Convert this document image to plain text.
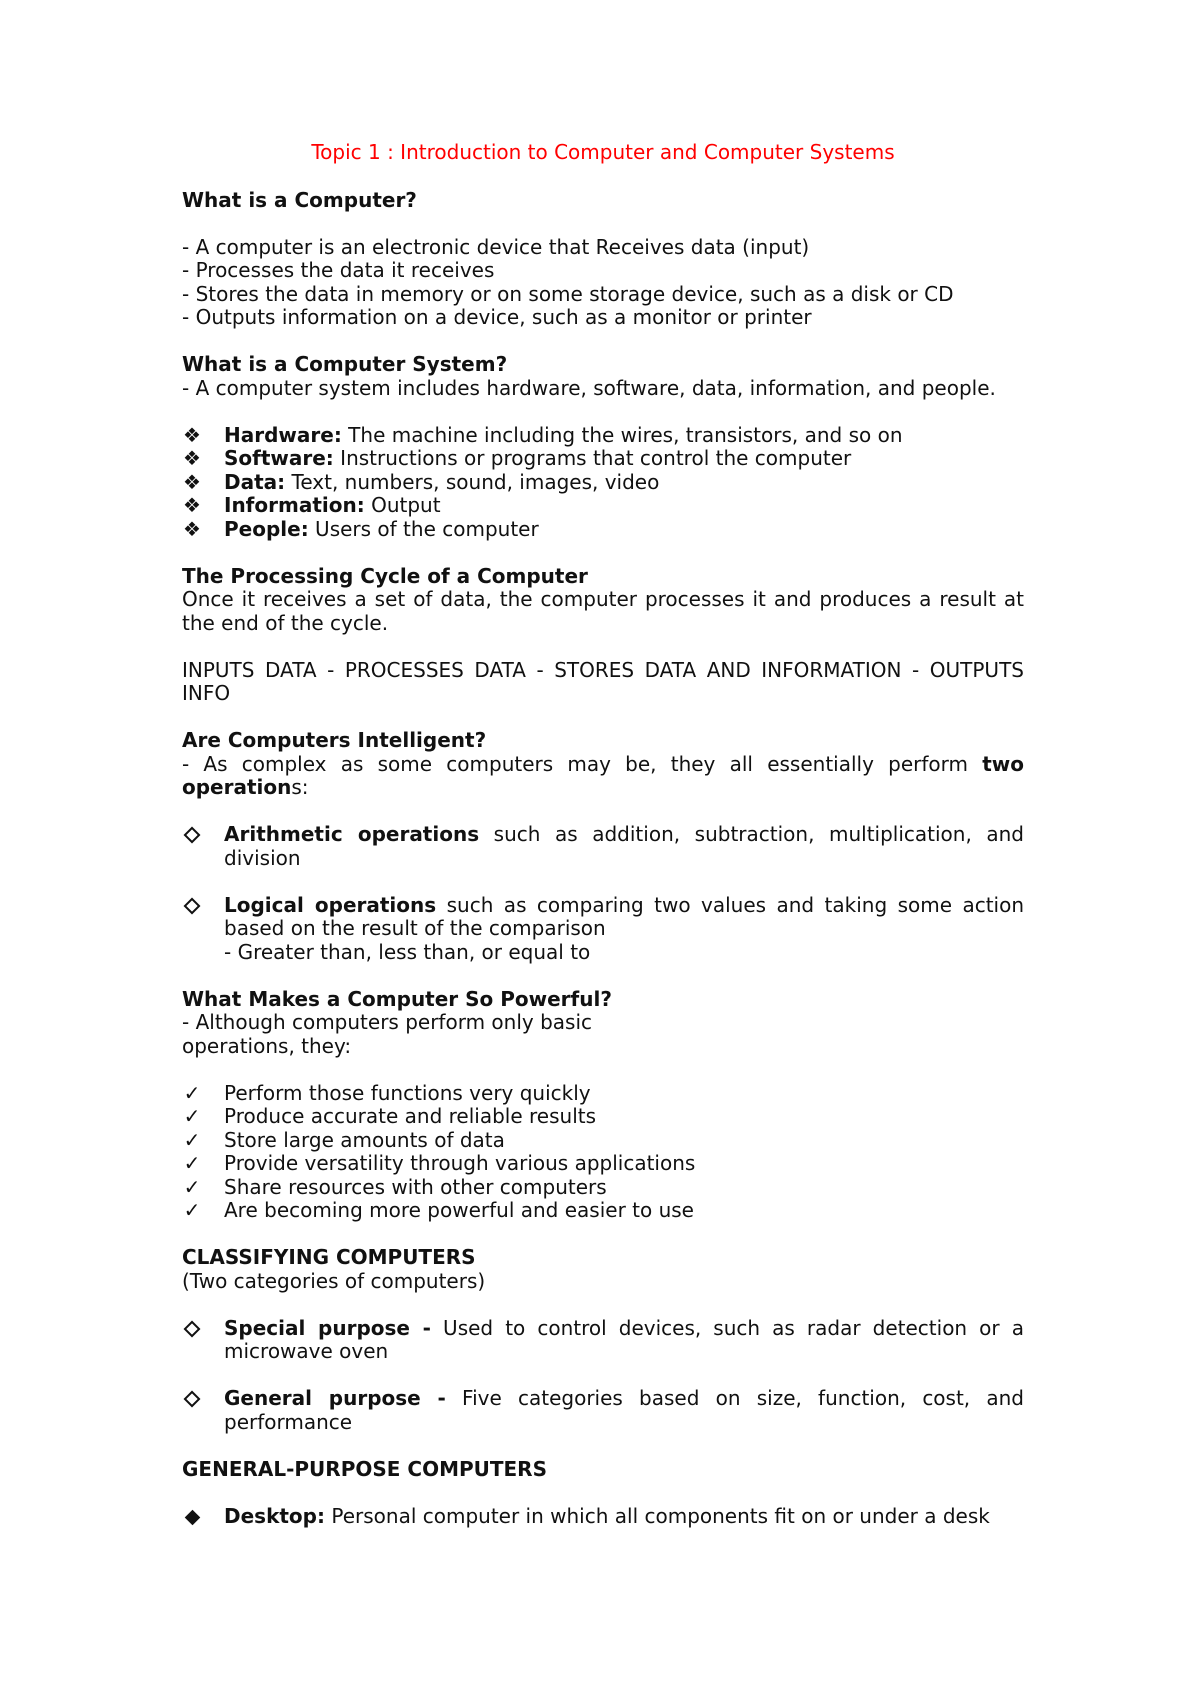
Topic 1 : Introduction to Computer and Computer Systems

What is a Computer?

- A computer is an electronic device that Receives data (input)

- Processes the data it receives

- Stores the data in memory or on some storage device, such as a disk or CD

- Outputs information on a device, such as a monitor or printer

What is a Computer System?

- A computer system includes hardware, software, data, information, and people.

❖ Hardware: The machine including the wires, transistors, and so on
❖ Software: Instructions or programs that control the computer
❖ Data: Text, numbers, sound, images, video
❖ Information: Output
❖ People: Users of the computer

The Processing Cycle of a Computer

Once it receives a set of data, the computer processes it and produces a result at the end of the cycle.

INPUTS DATA - PROCESSES DATA - STORES DATA AND INFORMATION - OUTPUTS INFO

Are Computers Intelligent?

- As complex as some computers may be, they all essentially perform two operations:

Arithmetic operations such as addition, subtraction, multiplication, and division
Logical operations such as comparing two values and taking some action based on the result of the comparison
- Greater than, less than, or equal to

What Makes a Computer So Powerful?

- Although computers perform only basic

operations, they:

✓ Perform those functions very quickly
✓ Produce accurate and reliable results
✓ Store large amounts of data
✓ Provide versatility through various applications
✓ Share resources with other computers
✓ Are becoming more powerful and easier to use

CLASSIFYING COMPUTERS

(Two categories of computers)

Special purpose - Used to control devices, such as radar detection or a microwave oven
General purpose - Five categories based on size, function, cost, and performance

GENERAL-PURPOSE COMPUTERS

Desktop: Personal computer in which all components fit on or under a desk
